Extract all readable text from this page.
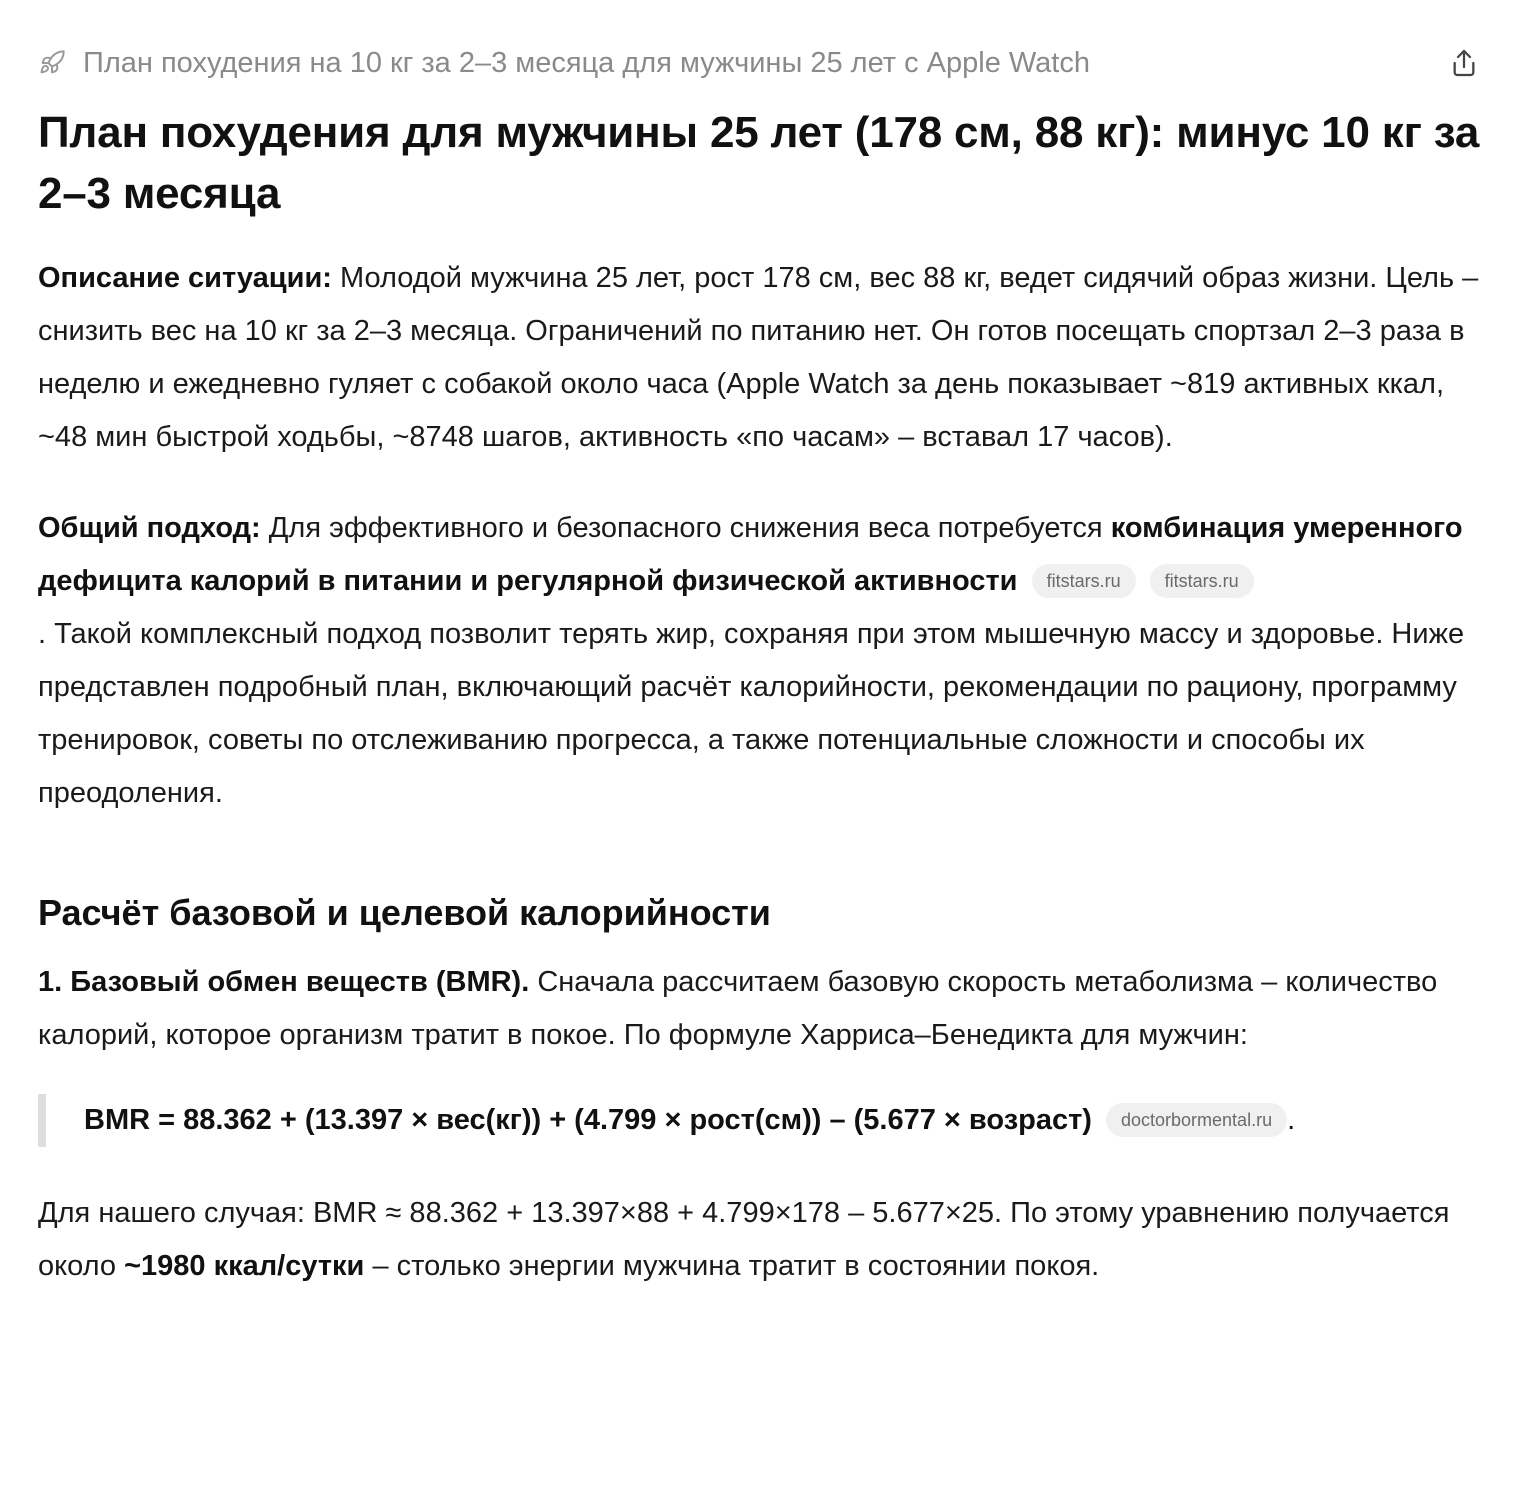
План похудения на 10 кг за 2–3 месяца для мужчины 25 лет с Apple Watch
План похудения для мужчины 25 лет (178 см, 88 кг): минус 10 кг за 2–3 месяца

Описание ситуации: Молодой мужчина 25 лет, рост 178 см, вес 88 кг, ведет сидячий образ жизни. Цель – снизить вес на 10 кг за 2–3 месяца. Ограничений по питанию нет. Он готов посещать спортзал 2–3 раза в неделю и ежедневно гуляет с собакой около часа (Apple Watch за день показывает ~819 активных ккал, ~48 мин быстрой ходьбы, ~8748 шагов, активность «по часам» – вставал 17 часов).

Общий подход: Для эффективного и безопасного снижения веса потребуется комбинация умеренного дефицита калорий в питании и регулярной физической активности fitstars.ru fitstars.ru
. Такой комплексный подход позволит терять жир, сохраняя при этом мышечную массу и здоровье. Ниже представлен подробный план, включающий расчёт калорийности, рекомендации по рациону, программу тренировок, советы по отслеживанию прогресса, а также потенциальные сложности и способы их преодоления.

Расчёт базовой и целевой калорийности

1. Базовый обмен веществ (BMR). Сначала рассчитаем базовую скорость метаболизма – количество калорий, которое организм тратит в покое. По формуле Харриса–Бенедикта для мужчин:

BMR = 88.362 + (13.397 × вес(кг)) + (4.799 × рост(см)) – (5.677 × возраст) doctorbormental.ru .

Для нашего случая: BMR ≈ 88.362 + 13.397×88 + 4.799×178 – 5.677×25. По этому уравнению получается около ~1980 ккал/сутки – столько энергии мужчина тратит в состоянии покоя.
